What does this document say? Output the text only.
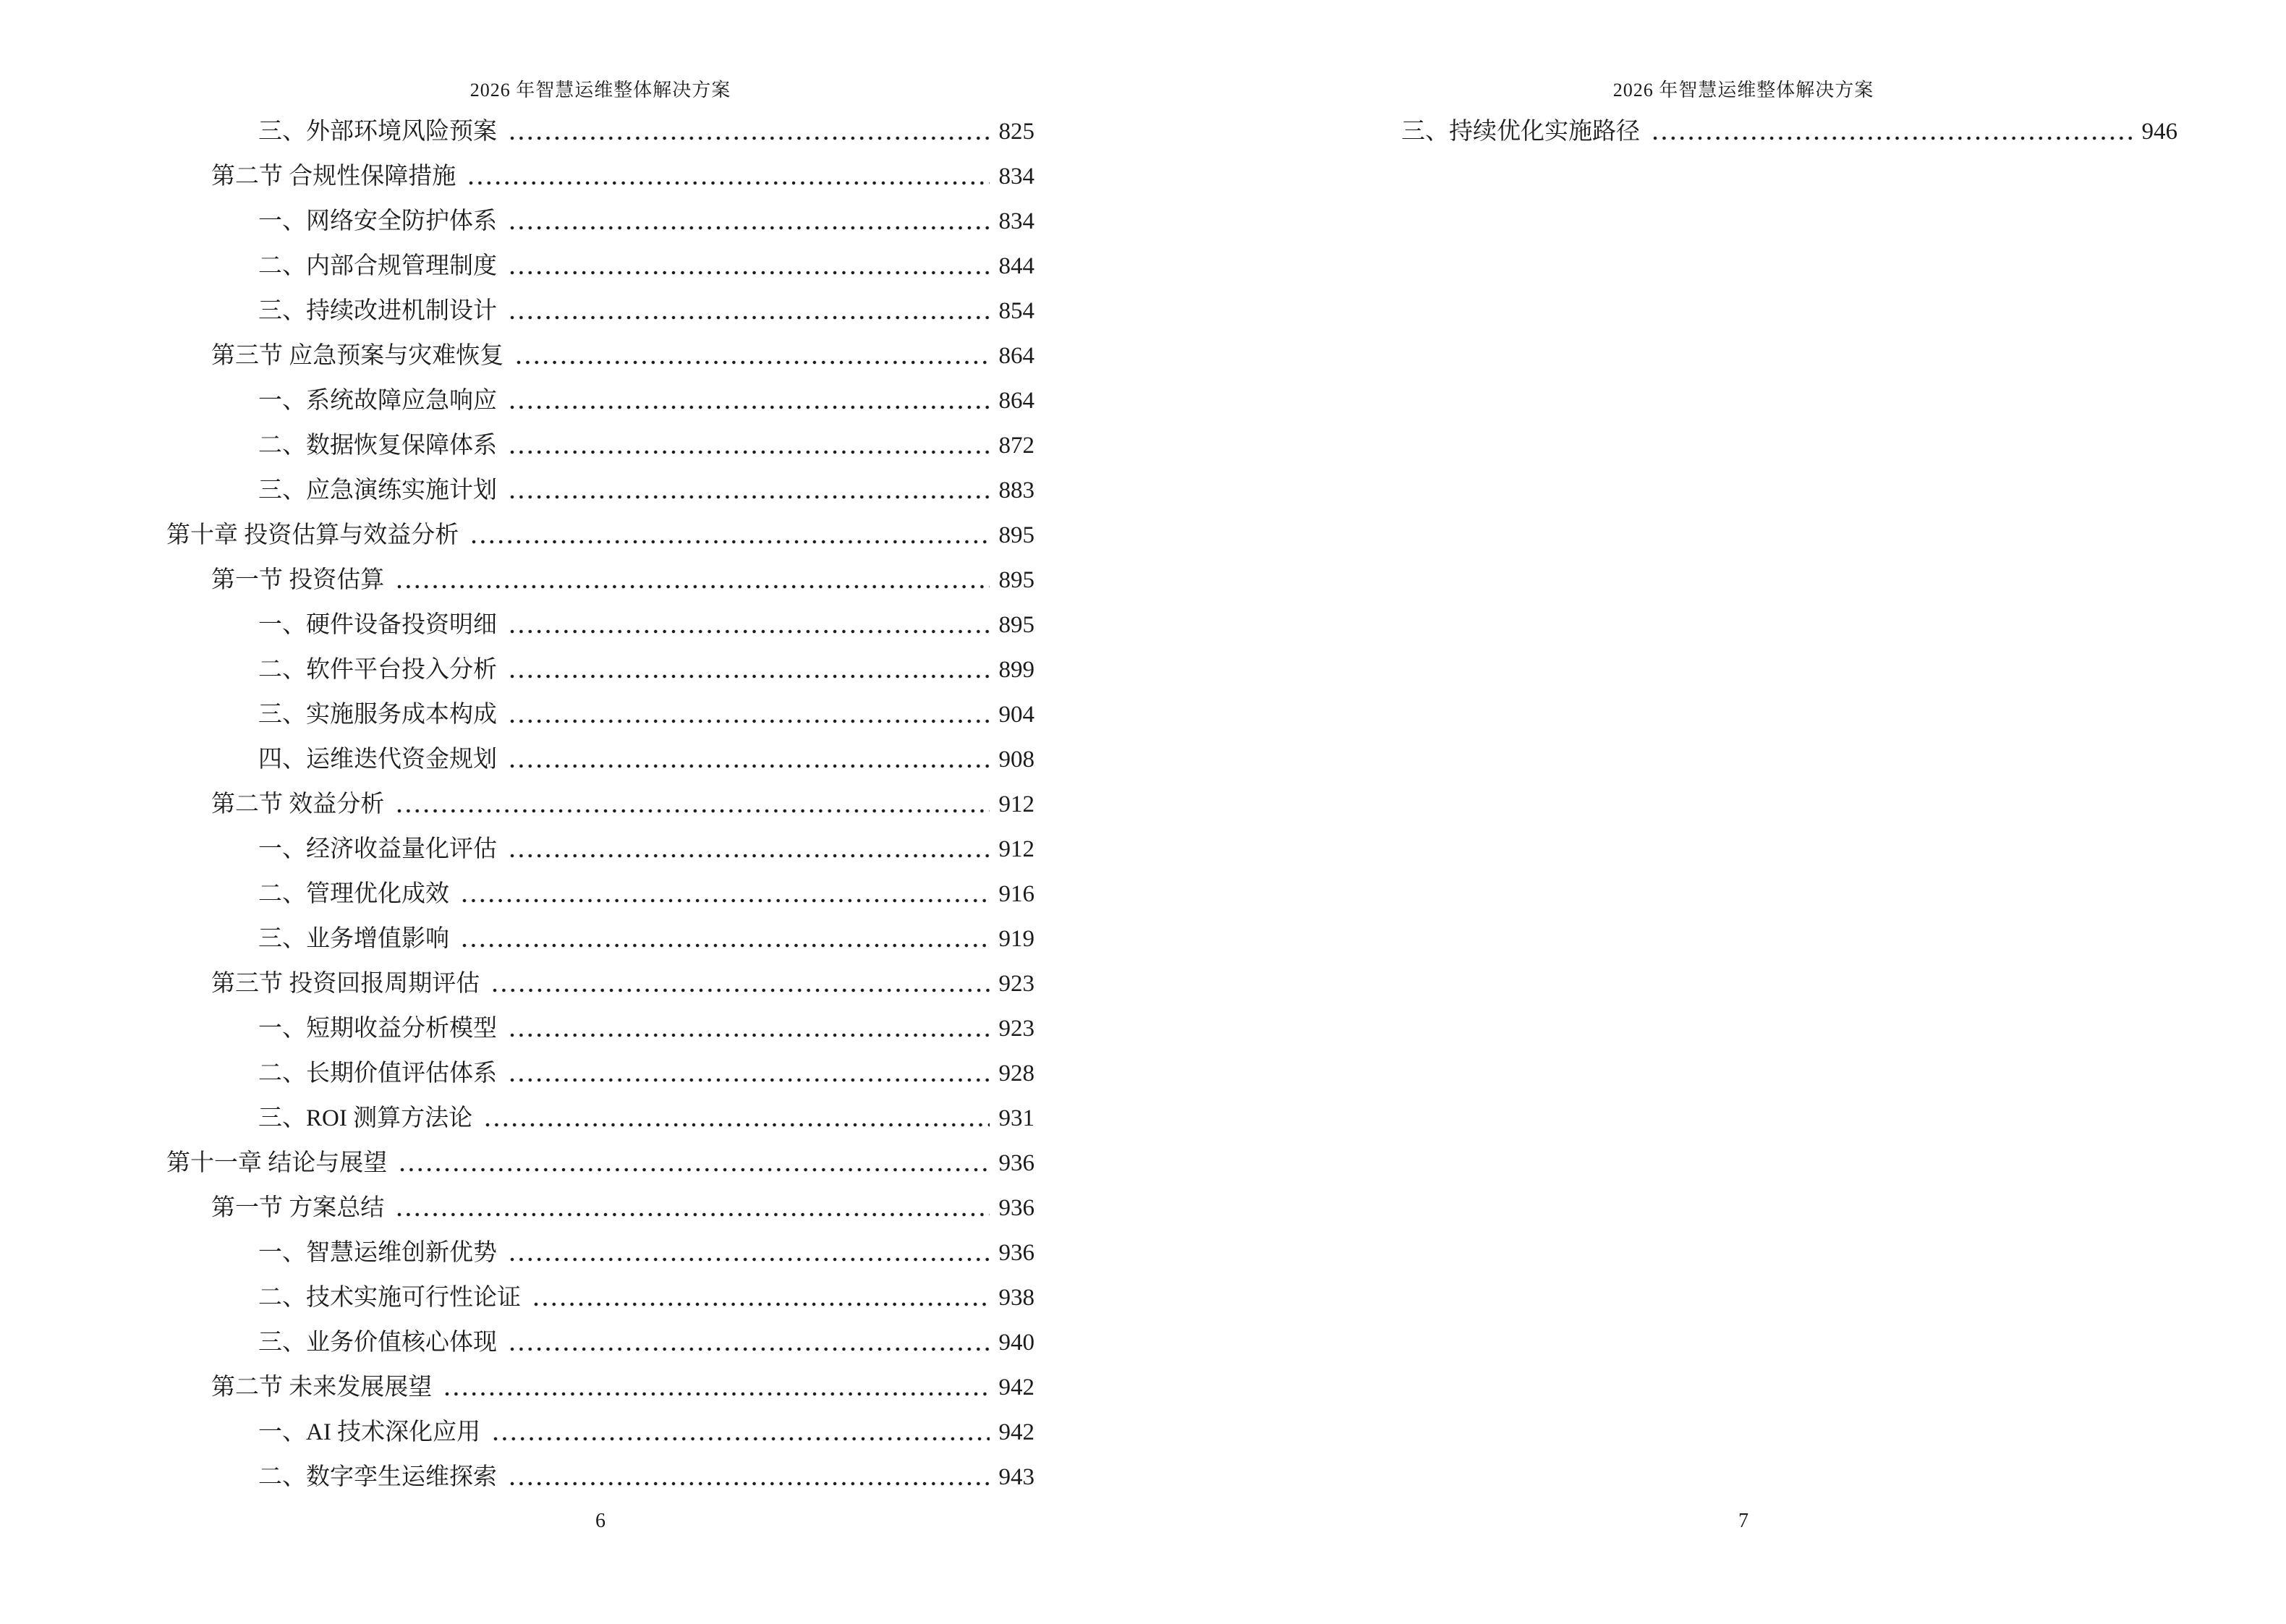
2026 年智慧运维整体解决方案
三、外部环境风险预案	825
第二节 合规性保障措施	834
一、网络安全防护体系	834
二、内部合规管理制度	844
三、持续改进机制设计	854
第三节 应急预案与灾难恢复	864
一、系统故障应急响应	864
二、数据恢复保障体系	872
三、应急演练实施计划	883
第十章 投资估算与效益分析	895
第一节 投资估算	895
一、硬件设备投资明细	895
二、软件平台投入分析	899
三、实施服务成本构成	904
四、运维迭代资金规划	908
第二节 效益分析	912
一、经济收益量化评估	912
二、管理优化成效	916
三、业务增值影响	919
第三节 投资回报周期评估	923
一、短期收益分析模型	923
二、长期价值评估体系	928
三、ROI 测算方法论	931
第十一章 结论与展望	936
第一节 方案总结	936
一、智慧运维创新优势	936
二、技术实施可行性论证	938
三、业务价值核心体现	940
第二节 未来发展展望	942
一、AI 技术深化应用	942
二、数字孪生运维探索	943
6
2026 年智慧运维整体解决方案
三、持续优化实施路径	946
7
